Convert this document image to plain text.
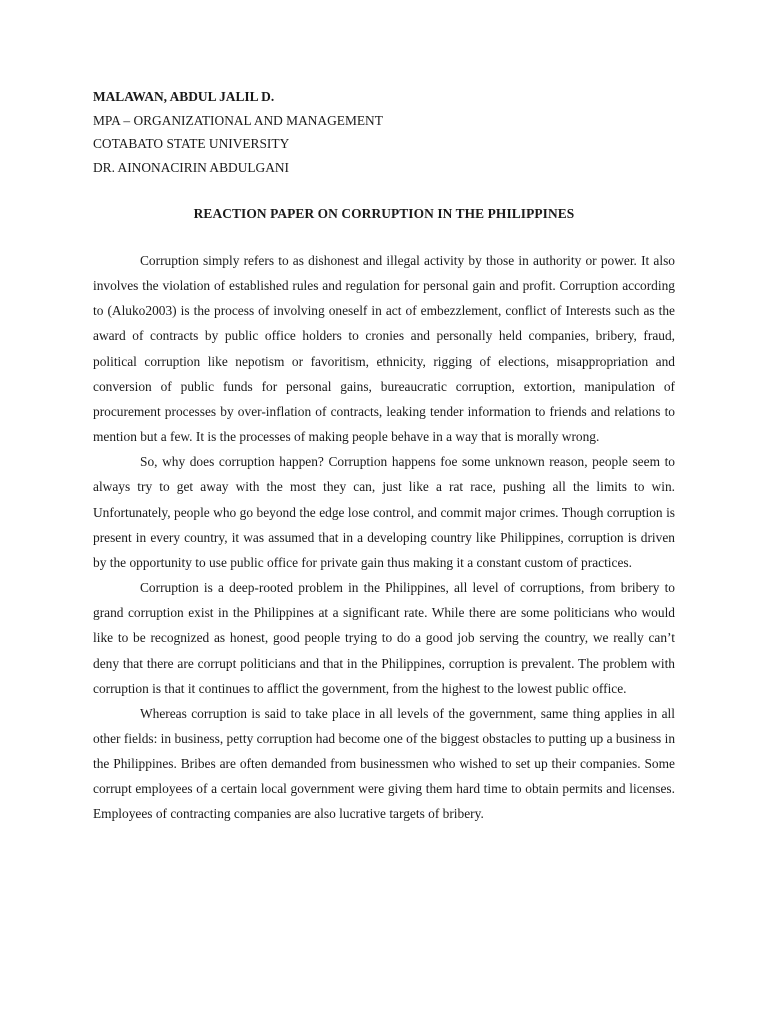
MALAWAN, ABDUL JALIL D.
MPA – ORGANIZATIONAL AND MANAGEMENT
COTABATO STATE UNIVERSITY
DR. AINONACIRIN ABDULGANI
REACTION PAPER ON CORRUPTION IN THE PHILIPPINES

Corruption simply refers to as dishonest and illegal activity by those in authority or power. It also involves the violation of established rules and regulation for personal gain and profit. Corruption according to (Aluko2003) is the process of involving oneself in act of embezzlement, conflict of Interests such as the award of contracts by public office holders to cronies and personally held companies, bribery, fraud, political corruption like nepotism or favoritism, ethnicity, rigging of elections, misappropriation and conversion of public funds for personal gains, bureaucratic corruption, extortion, manipulation of procurement processes by over-inflation of contracts, leaking tender information to friends and relations to mention but a few. It is the processes of making people behave in a way that is morally wrong.

So, why does corruption happen? Corruption happens foe some unknown reason, people seem to always try to get away with the most they can, just like a rat race, pushing all the limits to win. Unfortunately, people who go beyond the edge lose control, and commit major crimes. Though corruption is present in every country, it was assumed that in a developing country like Philippines, corruption is driven by the opportunity to use public office for private gain thus making it a constant custom of practices.

Corruption is a deep-rooted problem in the Philippines, all level of corruptions, from bribery to grand corruption exist in the Philippines at a significant rate. While there are some politicians who would like to be recognized as honest, good people trying to do a good job serving the country, we really can’t deny that there are corrupt politicians and that in the Philippines, corruption is prevalent. The problem with corruption is that it continues to afflict the government, from the highest to the lowest public office.

Whereas corruption is said to take place in all levels of the government, same thing applies in all other fields: in business, petty corruption had become one of the biggest obstacles to putting up a business in the Philippines. Bribes are often demanded from businessmen who wished to set up their companies. Some corrupt employees of a certain local government were giving them hard time to obtain permits and licenses. Employees of contracting companies are also lucrative targets of bribery.
